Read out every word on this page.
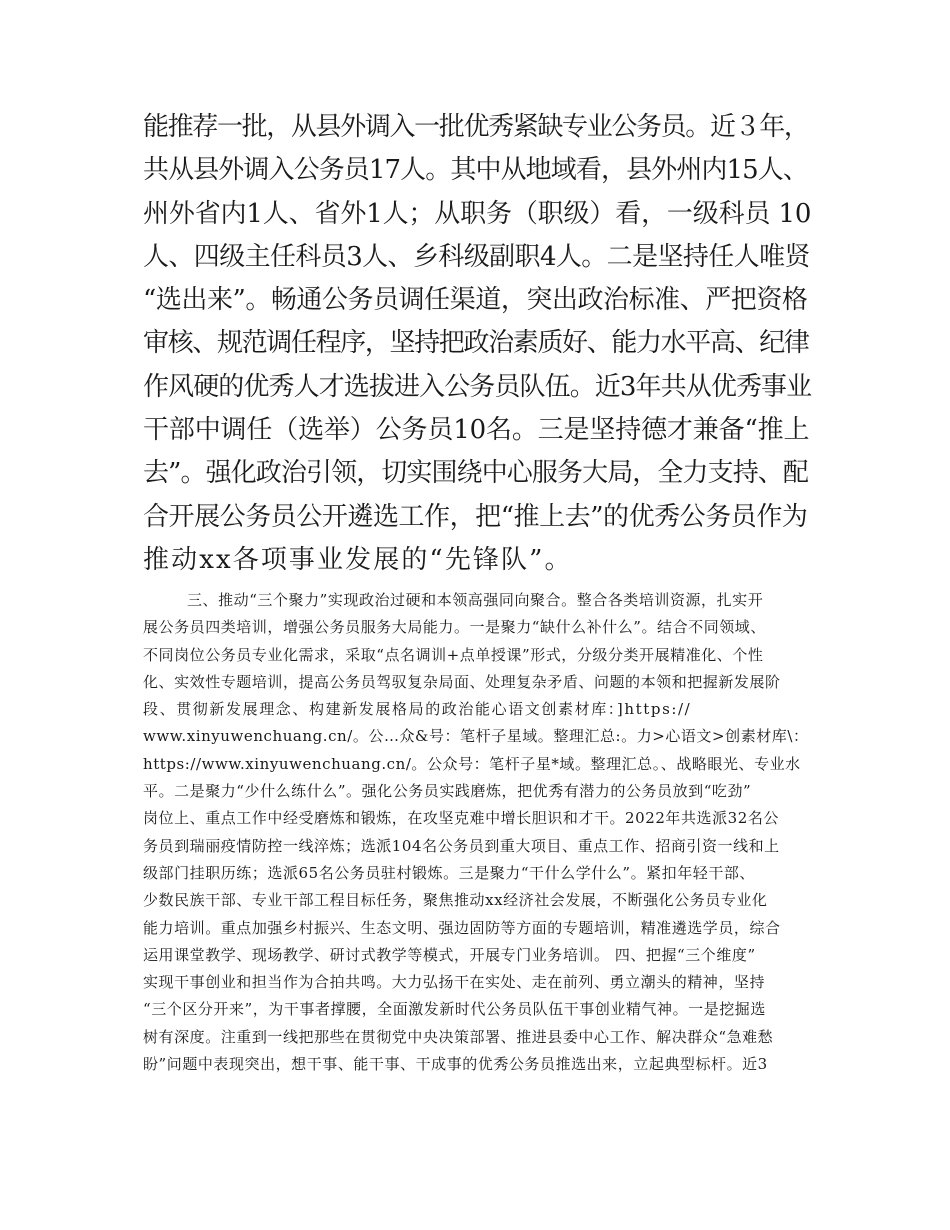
能推荐一批，从县外调入一批优秀紧缺专业公务员。近３年，

共从县外调入公务员17人。其中从地域看，县外州内15人、

州外省内1人、省外1人；从职务（职级）看，一级科员 10

人、四级主任科员3人、乡科级副职4人。二是坚持任人唯贤

“选出来”。畅通公务员调任渠道，突出政治标准、严把资格

审核、规范调任程序，坚持把政治素质好、能力水平高、纪律

作风硬的优秀人才选拔进入公务员队伍。近3年共从优秀事业

干部中调任（选举）公务员10名。三是坚持德才兼备“推上

去”。强化政治引领，切实围绕中心服务大局，全力支持、配

合开展公务员公开遴选工作，把“推上去”的优秀公务员作为

推动xx各项事业发展的“先锋队”。

三、推动“三个聚力”实现政治过硬和本领高强同向聚合。整合各类培训资源，扎实开

展公务员四类培训，增强公务员服务大局能力。一是聚力“缺什么补什么”。结合不同领域、

不同岗位公务员专业化需求，采取“点名调训+点单授课”形式，分级分类开展精准化、个性

化、实效性专题培训，提高公务员驾驭复杂局面、处理复杂矛盾、问题的本领和把握新发展阶

段、贯彻新发展理念、构建新发展格局的政治能心语文创素材库：]https://

www.xinyuwenchuang.cn/。公…众&号：笔杆子星域。整理汇总:。力>心语文>创素材库\：

https://www.xinyuwenchuang.cn/。公众号：笔杆子星*域。整理汇总。、战略眼光、专业水

平。二是聚力“少什么练什么”。强化公务员实践磨炼，把优秀有潜力的公务员放到“吃劲”

岗位上、重点工作中经受磨炼和锻炼，在攻坚克难中增长胆识和才干。2022年共选派32名公

务员到瑞丽疫情防控一线淬炼；选派104名公务员到重大项目、重点工作、招商引资一线和上

级部门挂职历练；选派65名公务员驻村锻炼。三是聚力“干什么学什么”。紧扣年轻干部、

少数民族干部、专业干部工程目标任务，聚焦推动xx经济社会发展，不断强化公务员专业化

能力培训。重点加强乡村振兴、生态文明、强边固防等方面的专题培训，精准遴选学员，综合

运用课堂教学、现场教学、研讨式教学等模式，开展专门业务培训。 四、把握“三个维度”

实现干事创业和担当作为合拍共鸣。大力弘扬干在实处、走在前列、勇立潮头的精神，坚持

“三个区分开来”，为干事者撑腰，全面激发新时代公务员队伍干事创业精气神。一是挖掘选

树有深度。注重到一线把那些在贯彻党中央决策部署、推进县委中心工作、解决群众“急难愁

盼”问题中表现突出，想干事、能干事、干成事的优秀公务员推选出来，立起典型标杆。近3
